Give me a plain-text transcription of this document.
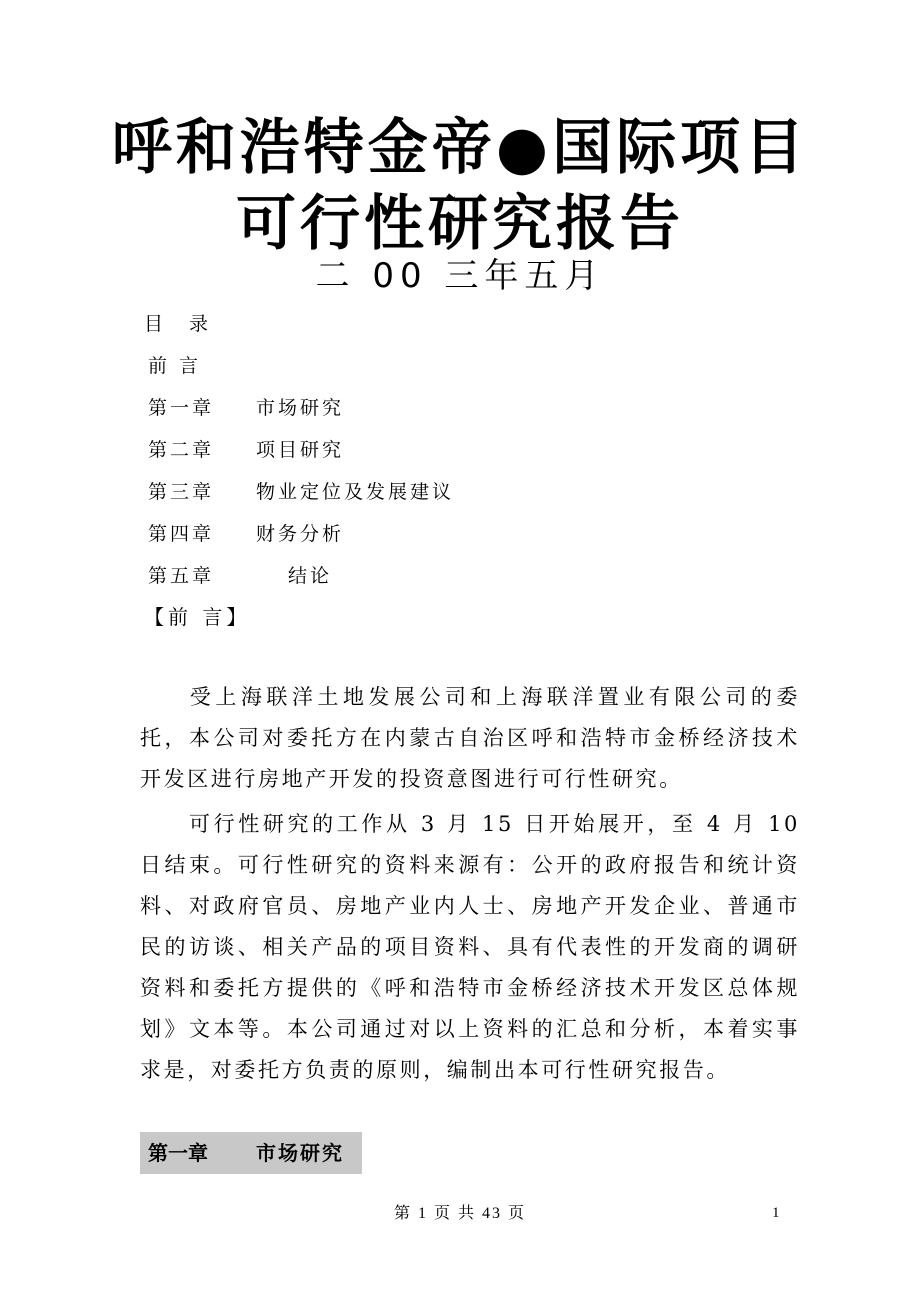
呼和浩特金帝●国际项目
可行性研究报告
二 00 三年五月
目 录
前 言
第一章 市场研究
第二章 项目研究
第三章 物业定位及发展建议
第四章 财务分析
第五章	结论
【前 言】
受上海联洋土地发展公司和上海联洋置业有限公司的委托，本公司对委托方在内蒙古自治区呼和浩特市金桥经济技术开发区进行房地产开发的投资意图进行可行性研究。
可行性研究的工作从 3 月 15 日开始展开，至 4 月 10 日结束。可行性研究的资料来源有：公开的政府报告和统计资料、对政府官员、房地产业内人士、房地产开发企业、普通市民的访谈、相关产品的项目资料、具有代表性的开发商的调研资料和委托方提供的《呼和浩特市金桥经济技术开发区总体规划》文本等。本公司通过对以上资料的汇总和分析，本着实事求是，对委托方负责的原则，编制出本可行性研究报告。
第一章 市场研究
第 1 页 共 43 页	1
